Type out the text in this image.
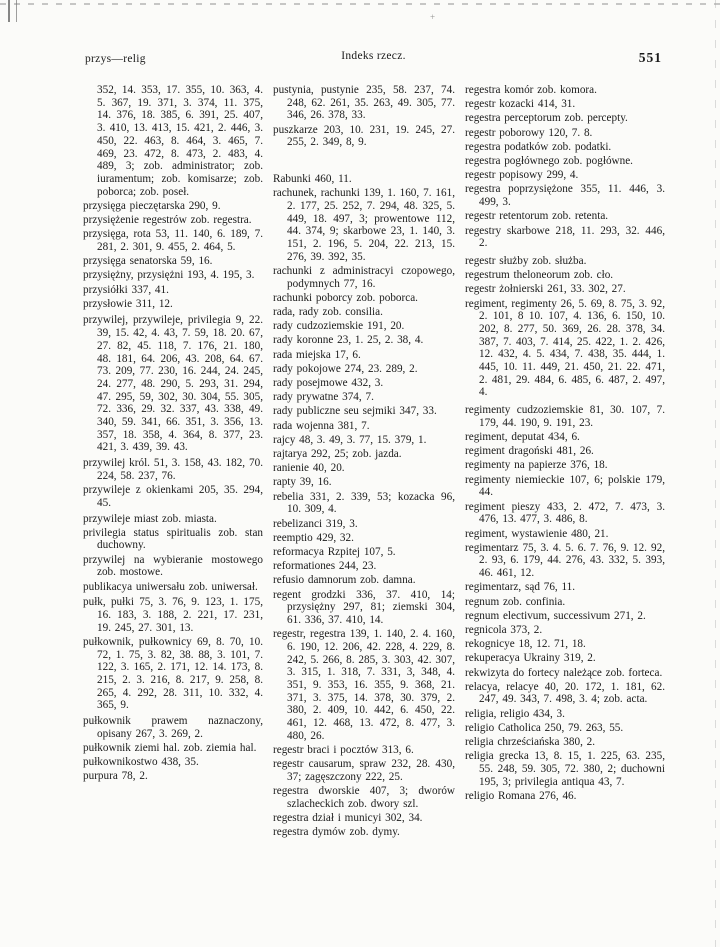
+
Indeks rzecz.
przys—relig	551

352, 14. 353, 17. 355, 10. 363, 4. 5. 367, 19. 371, 3. 374, 11. 375, 14. 376, 18. 385, 6. 391, 25. 407, 3. 410, 13. 413, 15. 421, 2. 446, 3. 450, 22. 463, 8. 464, 3. 465, 7. 469, 23. 472, 8. 473, 2. 483, 4. 489, 3; zob. administrator; zob. iuramentum; zob. komisarze; zob. poborca; zob. poseł.

przysięga pieczętarska 290, 9.

przysiężenie regestrów zob. regestra.

przysięga, rota 53, 11. 140, 6. 189, 7. 281, 2. 301, 9. 455, 2. 464, 5.

przysięga senatorska 59, 16.

przysiężny, przysiężni 193, 4. 195, 3.

przysiółki 337, 41.

przysłowie 311, 12.

przywilej, przywileje, privilegia 9, 22. 39, 15. 42, 4. 43, 7. 59, 18. 20. 67, 27. 82, 45. 118, 7. 176, 21. 180, 48. 181, 64. 206, 43. 208, 64. 67. 73. 209, 77. 230, 16. 244, 24. 245, 24. 277, 48. 290, 5. 293, 31. 294, 47. 295, 59, 302, 30. 304, 55. 305, 72. 336, 29. 32. 337, 43. 338, 49. 340, 59. 341, 66. 351, 3. 356, 13. 357, 18. 358, 4. 364, 8. 377, 23. 421, 3. 439, 39. 43.

przywilej król. 51, 3. 158, 43. 182, 70. 224, 58. 237, 76.

przywileje z okienkami 205, 35. 294, 45.

przywileje miast zob. miasta.

privilegia status spiritualis zob. stan duchowny.

przywilej na wybieranie mostowego zob. mostowe.

publikacya uniwersału zob. uniwersał.

pułk, pułki 75, 3. 76, 9. 123, 1. 175, 16. 183, 3. 188, 2. 221, 17. 231, 19. 245, 27. 301, 13.

pułkownik, pułkownicy 69, 8. 70, 10. 72, 1. 75, 3. 82, 38. 88, 3. 101, 7. 122, 3. 165, 2. 171, 12. 14. 173, 8. 215, 2. 3. 216, 8. 217, 9. 258, 8. 265, 4. 292, 28. 311, 10. 332, 4. 365, 9.

pułkownik prawem naznaczony, opisany 267, 3. 269, 2.

pułkownik ziemi hal. zob. ziemia hal.

pułkownikostwo 438, 35.

purpura 78, 2.

pustynia, pustynie 235, 58. 237, 74. 248, 62. 261, 35. 263, 49. 305, 77. 346, 26. 378, 33.

puszkarze 203, 10. 231, 19. 245, 27. 255, 2. 349, 8, 9.

Rabunki 460, 11.

rachunek, rachunki 139, 1. 160, 7. 161, 2. 177, 25. 252, 7. 294, 48. 325, 5. 449, 18. 497, 3; prowentowe 112, 44. 374, 9; skarbowe 23, 1. 140, 3. 151, 2. 196, 5. 204, 22. 213, 15. 276, 39. 392, 35.

rachunki z administracyi czopowego, podymnych 77, 16.

rachunki poborcy zob. poborca.

rada, rady zob. consilia.

rady cudzoziemskie 191, 20.

rady koronne 23, 1. 25, 2. 38, 4.

rada miejska 17, 6.

rady pokojowe 274, 23. 289, 2.

rady posejmowe 432, 3.

rady prywatne 374, 7.

rady publiczne seu sejmiki 347, 33.

rada wojenna 381, 7.

rajcy 48, 3. 49, 3. 77, 15. 379, 1.

rajtarya 292, 25; zob. jazda.

ranienie 40, 20.

rapty 39, 16.

rebelia 331, 2. 339, 53; kozacka 96, 10. 309, 4.

rebelizanci 319, 3.

reemptio 429, 32.

reformacya Rzpitej 107, 5.

reformationes 244, 23.

refusio damnorum zob. damna.

regent grodzki 336, 37. 410, 14; przysiężny 297, 81; ziemski 304, 61. 336, 37. 410, 14.

regestr, regestra 139, 1. 140, 2. 4. 160, 6. 190, 12. 206, 42. 228, 4. 229, 8. 242, 5. 266, 8. 285, 3. 303, 42. 307, 3. 315, 1. 318, 7. 331, 3, 348, 4. 351, 9. 353, 16. 355, 9. 368, 21. 371, 3. 375, 14. 378, 30. 379, 2. 380, 2. 409, 10. 442, 6. 450, 22. 461, 12. 468, 13. 472, 8. 477, 3. 480, 26.

regestr braci i pocztów 313, 6.

regestr causarum, spraw 232, 28. 430, 37; zagęszczony 222, 25.

regestra dworskie 407, 3; dworów szlacheckich zob. dwory szl.

regestra dział i municyi 302, 34.

regestra dymów zob. dymy.

regestra komór zob. komora.

regestr kozacki 414, 31.

regestra perceptorum zob. percepty.

regestr poborowy 120, 7. 8.

regestra podatków zob. podatki.

regestra pogłównego zob. pogłówne.

regestr popisowy 299, 4.

regestra poprzysiężone 355, 11. 446, 3. 499, 3.

regestr retentorum zob. retenta.

regestry skarbowe 218, 11. 293, 32. 446, 2.

regestr służby zob. służba.

regestrum theloneorum zob. cło.

regestr żołnierski 261, 33. 302, 27.

regiment, regimenty 26, 5. 69, 8. 75, 3. 92, 2. 101, 8 10. 107, 4. 136, 6. 150, 10. 202, 8. 277, 50. 369, 26. 28. 378, 34. 387, 7. 403, 7. 414, 25. 422, 1. 2. 426, 12. 432, 4. 5. 434, 7. 438, 35. 444, 1. 445, 10. 11. 449, 21. 450, 21. 22. 471, 2. 481, 29. 484, 6. 485, 6. 487, 2. 497, 4.

regimenty cudzoziemskie 81, 30. 107, 7. 179, 44. 190, 9. 191, 23.

regiment, deputat 434, 6.

regiment dragoński 481, 26.

regimenty na papierze 376, 18.

regimenty niemieckie 107, 6; polskie 179, 44.

regiment pieszy 433, 2. 472, 7. 473, 3. 476, 13. 477, 3. 486, 8.

regiment, wystawienie 480, 21.

regimentarz 75, 3. 4. 5. 6. 7. 76, 9. 12. 92, 2. 93, 6. 179, 44. 276, 43. 332, 5. 393, 46. 461, 12.

regimentarz, sąd 76, 11.

regnum zob. confinia.

regnum electivum, successivum 271, 2.

regnicola 373, 2.

rekognicye 18, 12. 71, 18.

rekuperacya Ukrainy 319, 2.

rekwizyta do fortecy należące zob. forteca.

relacya, relacye 40, 20. 172, 1. 181, 62. 247, 49. 343, 7. 498, 3. 4; zob. acta.

religia, religio 434, 3.

religio Catholica 250, 79. 263, 55.

religia chrześciańska 380, 2.

religia grecka 13, 8. 15, 1. 225, 63. 235, 55. 248, 59. 305, 72. 380, 2; duchowni 195, 3; privilegia antiqua 43, 7.

religio Romana 276, 46.
